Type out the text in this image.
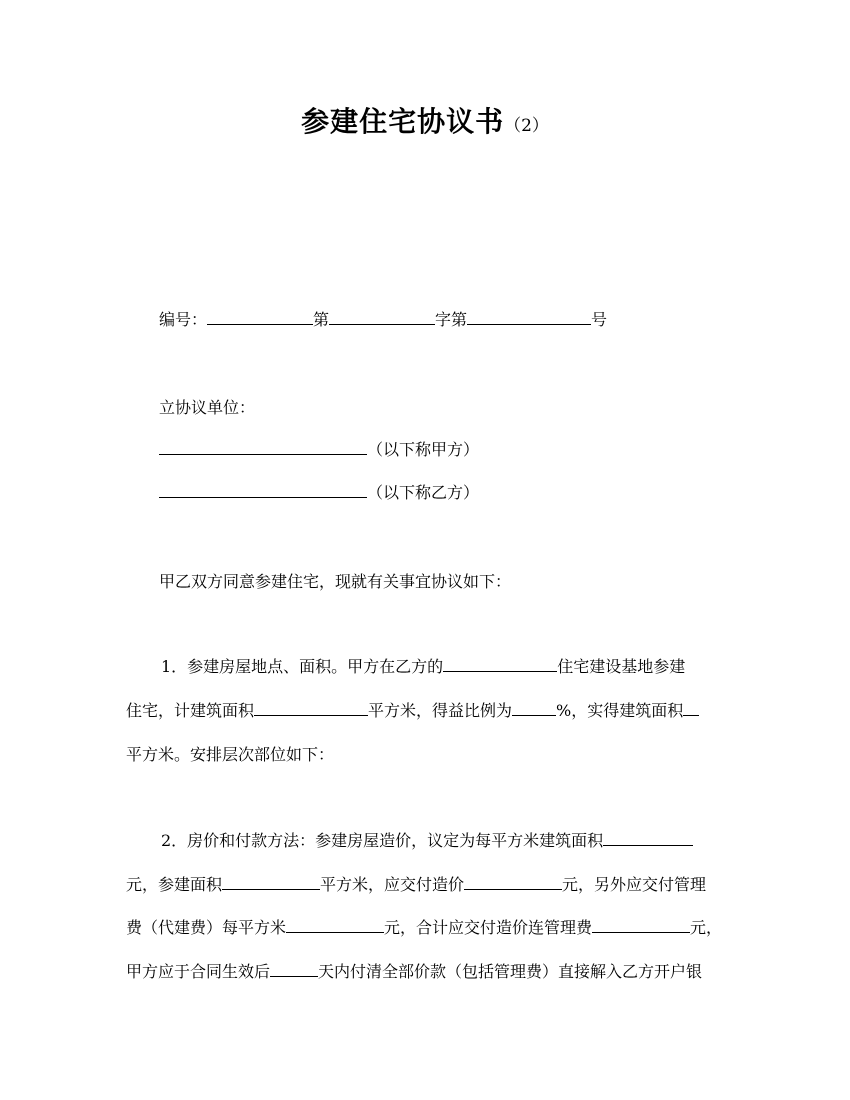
参建住宅协议书（2）
编号：	第	字第	号
立协议单位：
（以下称甲方）
（以下称乙方）
甲乙双方同意参建住宅，现就有关事宜协议如下：
1．参建房屋地点、面积。甲方在乙方的	住宅建设基地参建
住宅，计建筑面积	平方米，得益比例为	%，实得建筑面积
平方米。安排层次部位如下：
2．房价和付款方法：参建房屋造价，议定为每平方米建筑面积
元，参建面积	平方米，应交付造价	元，另外应交付管理
费（代建费）每平方米	元，合计应交付造价连管理费	元，
甲方应于合同生效后	天内付清全部价款（包括管理费）直接解入乙方开户银
